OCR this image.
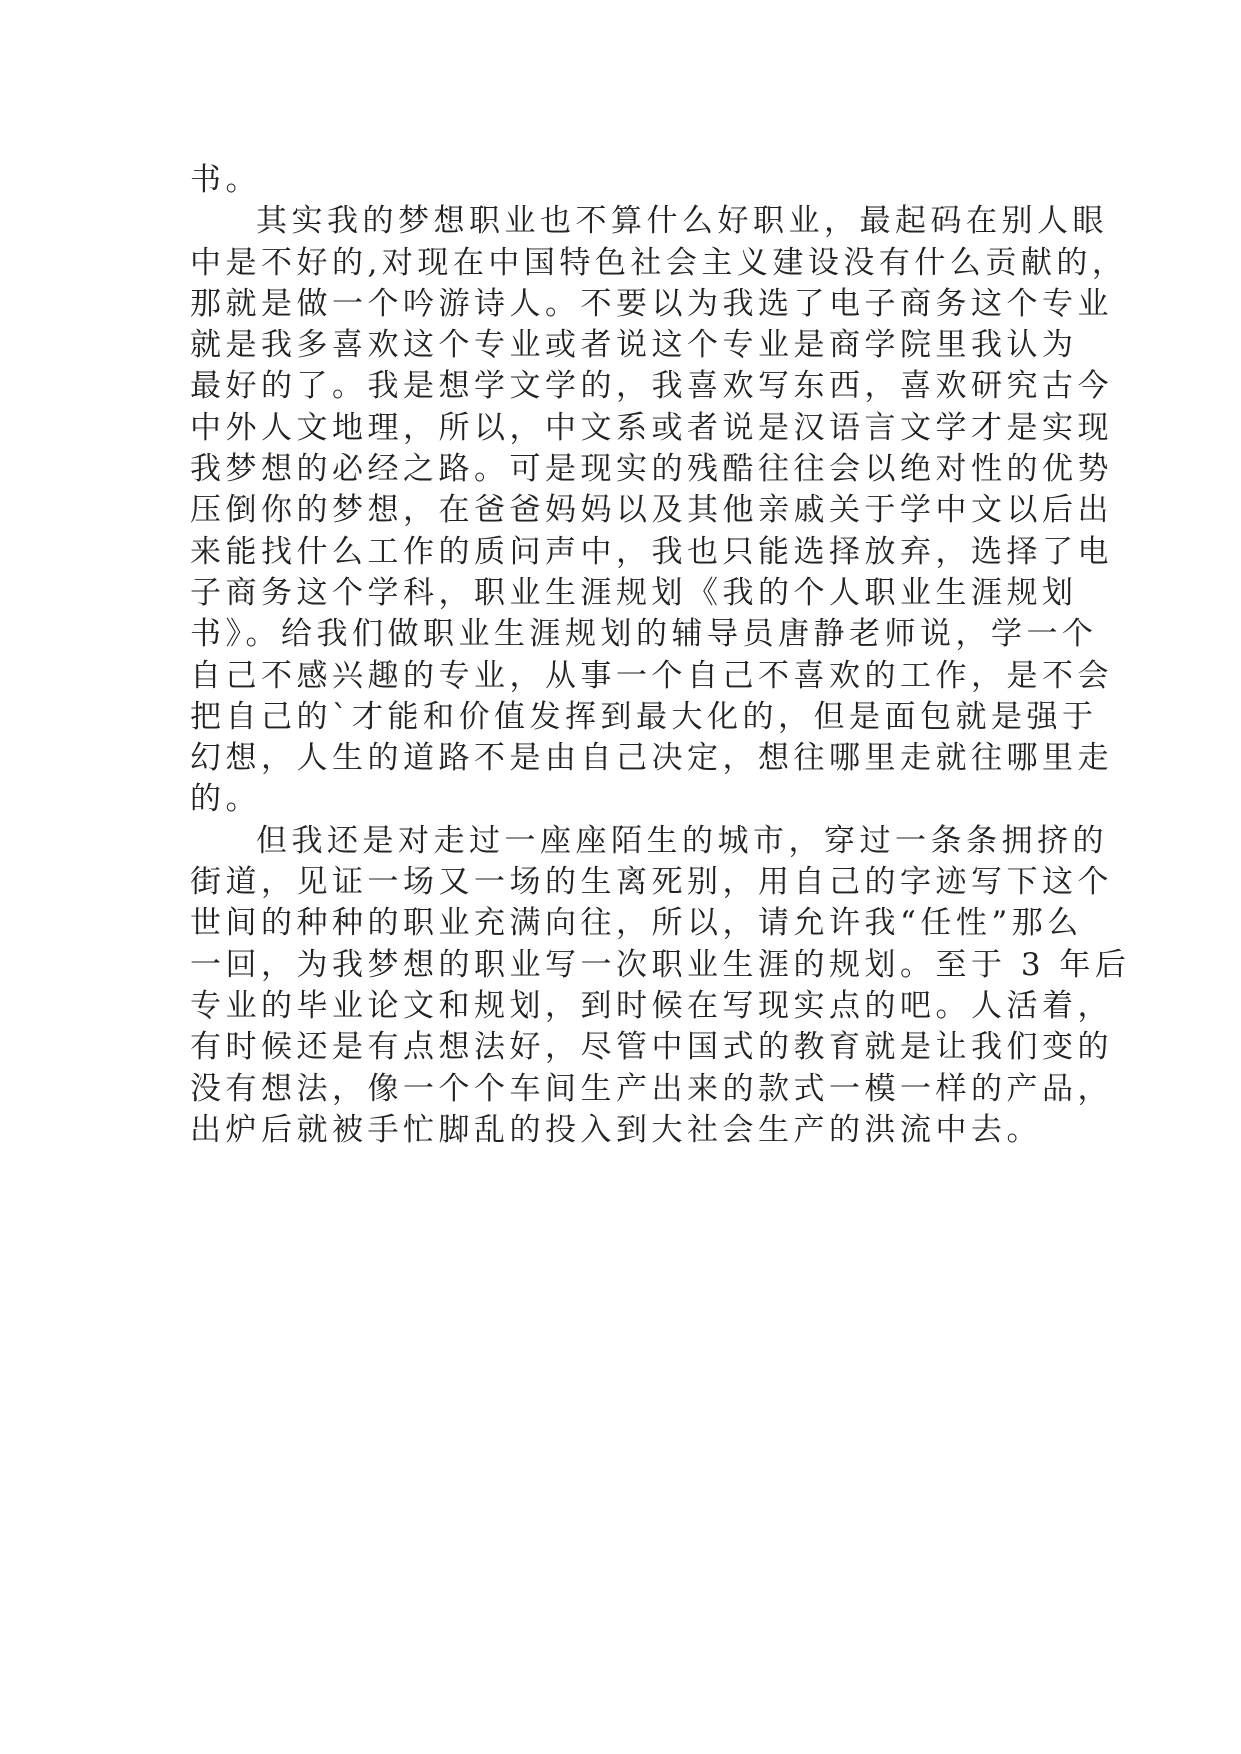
书。
其实我的梦想职业也不算什么好职业，最起码在别人眼
中是不好的,对现在中国特色社会主义建设没有什么贡献的，
那就是做一个吟游诗人。不要以为我选了电子商务这个专业
就是我多喜欢这个专业或者说这个专业是商学院里我认为
最好的了。我是想学文学的，我喜欢写东西，喜欢研究古今
中外人文地理，所以，中文系或者说是汉语言文学才是实现
我梦想的必经之路。可是现实的残酷往往会以绝对性的优势
压倒你的梦想，在爸爸妈妈以及其他亲戚关于学中文以后出
来能找什么工作的质问声中，我也只能选择放弃，选择了电
子商务这个学科，职业生涯规划《我的个人职业生涯规划
书》。给我们做职业生涯规划的辅导员唐静老师说，学一个
自己不感兴趣的专业，从事一个自己不喜欢的工作，是不会
把自己的`才能和价值发挥到最大化的，但是面包就是强于
幻想，人生的道路不是由自己决定，想往哪里走就往哪里走
的。
但我还是对走过一座座陌生的城市，穿过一条条拥挤的
街道，见证一场又一场的生离死别，用自己的字迹写下这个
世间的种种的职业充满向往，所以，请允许我“任性”那么
一回，为我梦想的职业写一次职业生涯的规划。至于 3 年后
专业的毕业论文和规划，到时候在写现实点的吧。人活着，
有时候还是有点想法好，尽管中国式的教育就是让我们变的
没有想法，像一个个车间生产出来的款式一模一样的产品，
出炉后就被手忙脚乱的投入到大社会生产的洪流中去。
